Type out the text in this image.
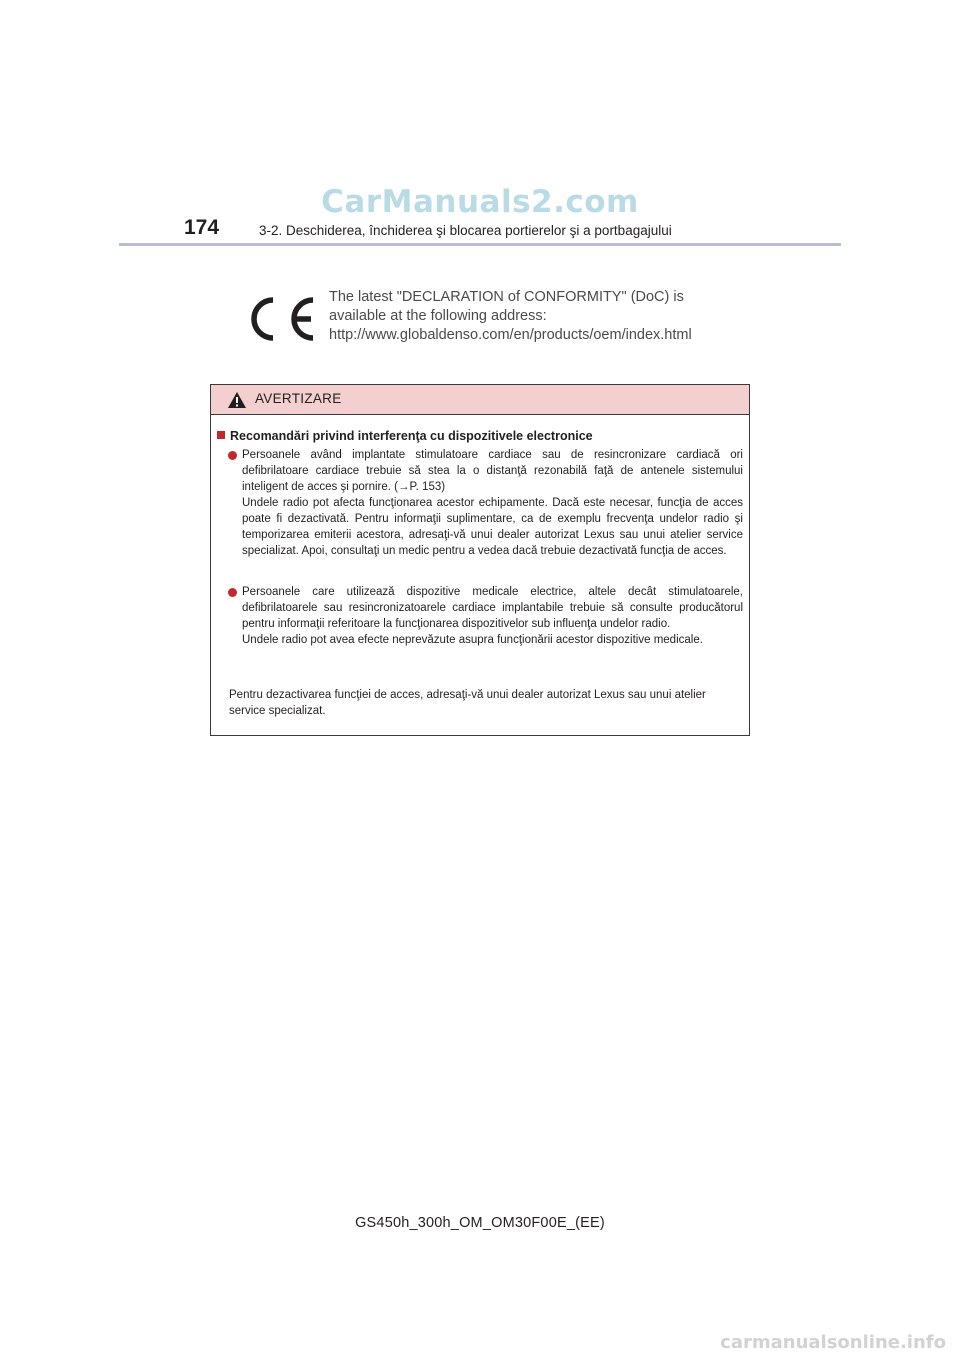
CarManuals2.com
174	3-2. Deschiderea, închiderea şi blocarea portierelor şi a portbagajului
The latest "DECLARATION of CONFORMITY" (DoC) is
available at the following address:
http://www.globaldenso.com/en/products/oem/index.html
AVERTIZARE
Recomandări privind interferenţa cu dispozitivele electronice

Persoanele având implantate stimulatoare cardiace sau de resincronizare cardiacă ori defibrilatoare cardiace trebuie să stea la o distanţă rezonabilă faţă de antenele sistemului inteligent de acces şi pornire. (→P. 153)

Undele radio pot afecta funcţionarea acestor echipamente. Dacă este necesar, funcţia de acces poate fi dezactivată. Pentru informaţii suplimentare, ca de exemplu frecvenţa undelor radio şi temporizarea emiterii acestora, adresaţi-vă unui dealer autorizat Lexus sau unui atelier service specializat. Apoi, consultaţi un medic pentru a vedea dacă trebuie dezactivată funcţia de acces.

Persoanele care utilizează dispozitive medicale electrice, altele decât stimulatoarele, defibrilatoarele sau resincronizatoarele cardiace implantabile trebuie să consulte producătorul pentru informaţii referitoare la funcţionarea dispozitivelor sub influenţa undelor radio.

Undele radio pot avea efecte neprevăzute asupra funcţionării acestor dispozitive medicale.

Pentru dezactivarea funcţiei de acces, adresaţi-vă unui dealer autorizat Lexus sau unui atelier service specializat.

GS450h_300h_OM_OM30F00E_(EE)
carmanualsonline.info
